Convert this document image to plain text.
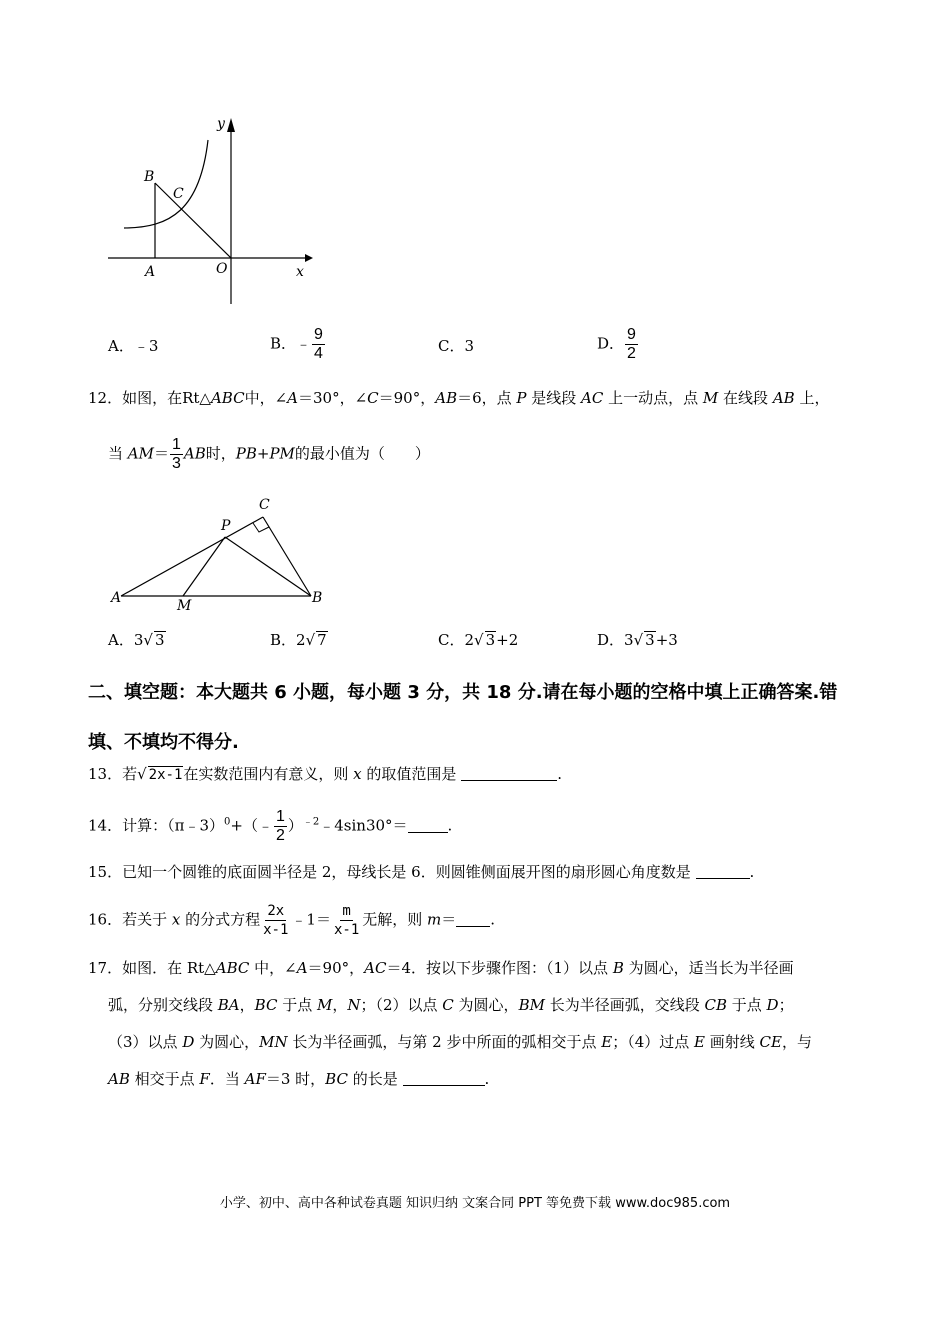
B
C
A	O	x
y
A．﹣3	B．﹣ $\frac{9}{4}$	C．3	D． $\frac{9}{2}$
12．如图，在Rt△ABC中，∠A＝30°，∠C＝90°，AB＝6，点 P 是线段 AC 上一动点，点 M 在线段 AB 上，
当 $AM= \frac{1}{3}$ AB时，PB+PM的最小值为（　　）
A	M
P
C
B
A．3√ 3	B．2√ 7	C．2√ 3+2	D．3√ 3+3
二、填空题：本大题共 6 小题，每小题 3 分，共 18 分.请在每小题的空格中填上正确答案.错
填、不填均不得分.
13．若√ 2x-1在实数范围内有意义，则 x 的取值范围是	.
14．计算：（π﹣3）$^0$+（﹣ $\frac{1}{2}$ ）$^{﹣2}$﹣4sin30°＝	.
15．已知一个圆锥的底面圆半径是 2，母线长是 6．则圆锥侧面展开图的扇形圆心角度数是	.
16．若关于 x 的分式方程 $\frac{2x}{x-1}$ ﹣1＝ $\frac{m}{x-1}$ 无解，则 m＝ .
17．如图．在 Rt△ABC 中，∠A＝90°，AC＝4．按以下步骤作图：（1）以点 B 为圆心，适当长为半径画
弧，分别交线段 BA，BC 于点 M，N；（2）以点 C 为圆心，BM 长为半径画弧，交线段 CB 于点 D；
（3）以点 D 为圆心，MN 长为半径画弧，与第 2 步中所面的弧相交于点 E；（4）过点 E 画射线 CE，与
AB 相交于点 F．当 AF＝3 时，BC 的长是	.
小学、初中、高中各种试卷真题 知识归纳 文案合同 PPT 等免费下载 www.doc985.com
